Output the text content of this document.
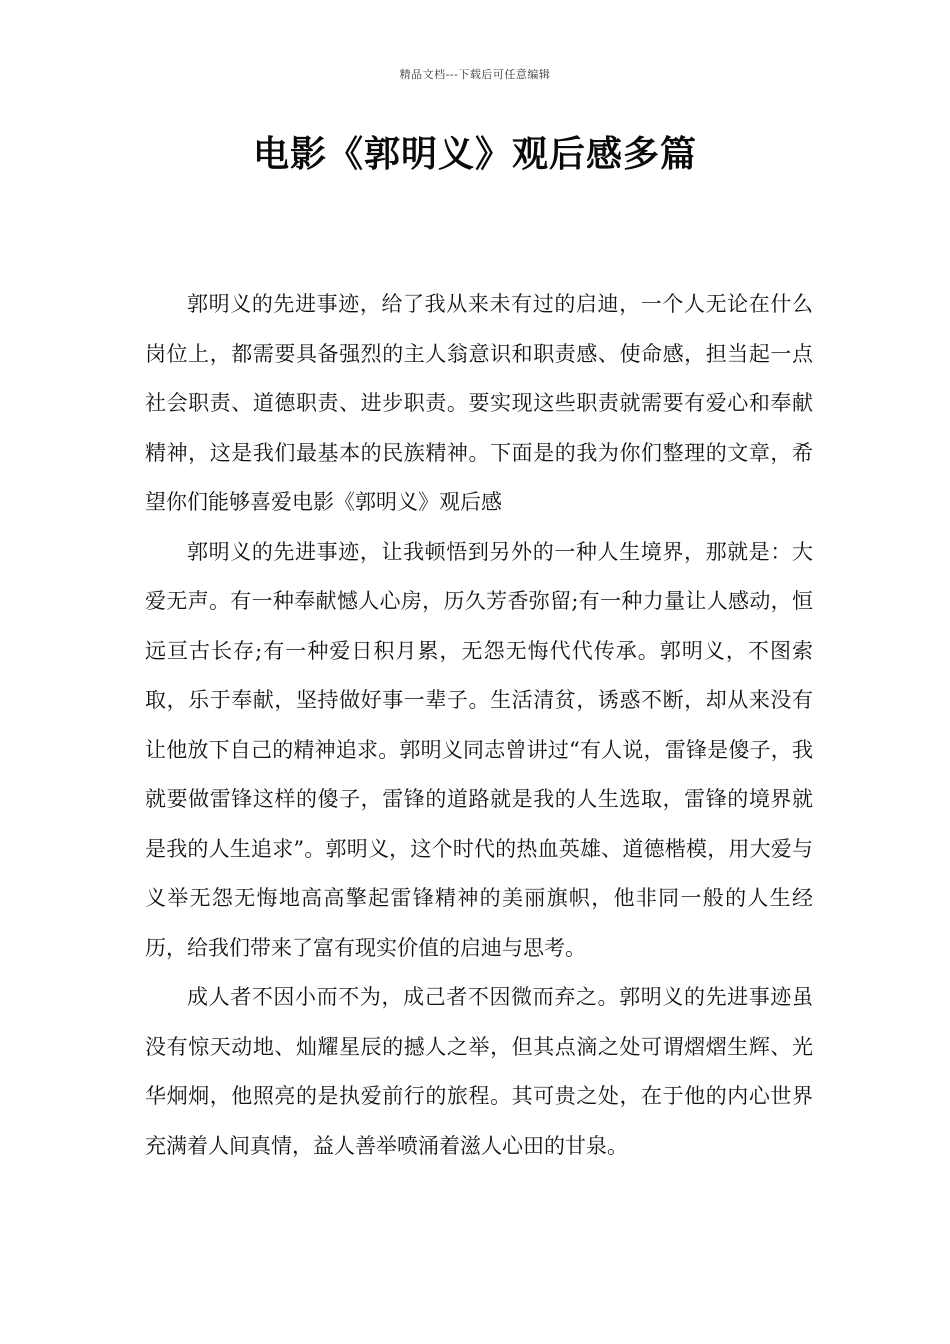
精品文档---下载后可任意编辑
电影《郭明义》观后感多篇

郭明义的先进事迹，给了我从来未有过的启迪，一个人无论在什么岗位上，都需要具备强烈的主人翁意识和职责感、使命感，担当起一点社会职责、道德职责、进步职责。要实现这些职责就需要有爱心和奉献精神，这是我们最基本的民族精神。下面是的我为你们整理的文章，希望你们能够喜爱电影《郭明义》观后感

郭明义的先进事迹，让我顿悟到另外的一种人生境界，那就是：大爱无声。有一种奉献憾人心房，历久芳香弥留;有一种力量让人感动，恒远亘古长存;有一种爱日积月累，无怨无悔代代传承。郭明义，不图索取，乐于奉献，坚持做好事一辈子。生活清贫，诱惑不断，却从来没有让他放下自己的精神追求。郭明义同志曾讲过“有人说，雷锋是傻子，我就要做雷锋这样的傻子，雷锋的道路就是我的人生选取，雷锋的境界就是我的人生追求”。郭明义，这个时代的热血英雄、道德楷模，用大爱与义举无怨无悔地高高擎起雷锋精神的美丽旗帜，他非同一般的人生经历，给我们带来了富有现实价值的启迪与思考。

成人者不因小而不为，成己者不因微而弃之。郭明义的先进事迹虽没有惊天动地、灿耀星辰的撼人之举，但其点滴之处可谓熠熠生辉、光华炯炯，他照亮的是执爱前行的旅程。其可贵之处，在于他的内心世界充满着人间真情，益人善举喷涌着滋人心田的甘泉。
